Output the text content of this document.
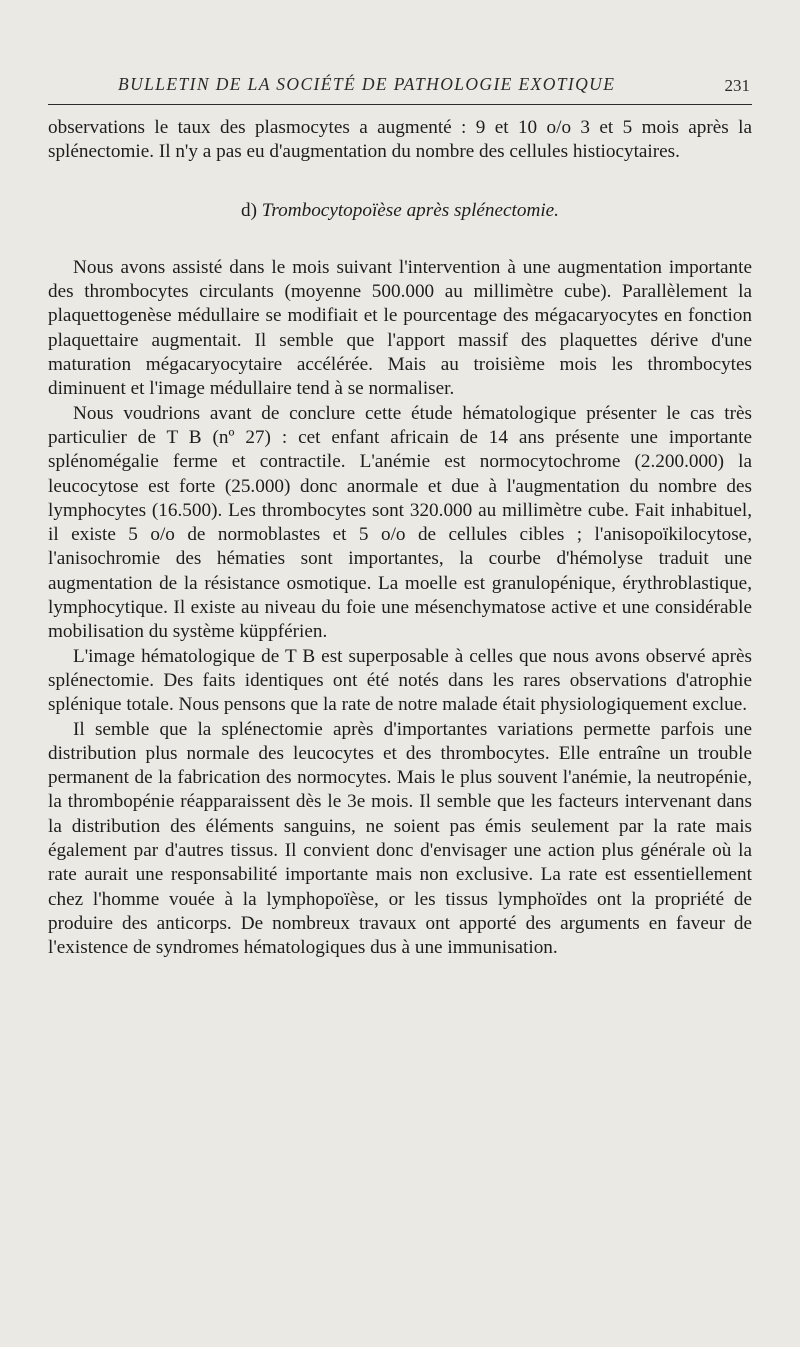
BULLETIN DE LA SOCIÉTÉ DE PATHOLOGIE EXOTIQUE	231

observations le taux des plasmocytes a augmenté : 9 et 10 o/o 3 et 5 mois après la splénectomie. Il n'y a pas eu d'augmentation du nombre des cellules histiocytaires.

d) Trombocytopoïèse après splénectomie.

Nous avons assisté dans le mois suivant l'intervention à une augmentation importante des thrombocytes circulants (moyenne 500.000 au millimètre cube). Parallèlement la plaquettogenèse médullaire se modifiait et le pourcentage des mégacaryocytes en fonction plaquettaire augmentait. Il semble que l'apport massif des plaquettes dérive d'une maturation mégacaryocytaire accélérée. Mais au troisième mois les thrombocytes diminuent et l'image médullaire tend à se normaliser.

Nous voudrions avant de conclure cette étude hématologique présenter le cas très particulier de T B (nº 27) : cet enfant africain de 14 ans présente une importante splénomégalie ferme et contractile. L'anémie est normocytochrome (2.200.000) la leucocytose est forte (25.000) donc anormale et due à l'augmentation du nombre des lymphocytes (16.500). Les thrombocytes sont 320.000 au millimètre cube. Fait inhabituel, il existe 5 o/o de normoblastes et 5 o/o de cellules cibles ; l'anisopoïkilocytose, l'anisochromie des hématies sont importantes, la courbe d'hémolyse traduit une augmentation de la résistance osmotique. La moelle est granulopénique, érythroblastique, lymphocytique. Il existe au niveau du foie une mésenchymatose active et une considérable mobilisation du système küppférien.

L'image hématologique de T B est superposable à celles que nous avons observé après splénectomie. Des faits identiques ont été notés dans les rares observations d'atrophie splénique totale. Nous pensons que la rate de notre malade était physiologiquement exclue.

Il semble que la splénectomie après d'importantes variations permette parfois une distribution plus normale des leucocytes et des thrombocytes. Elle entraîne un trouble permanent de la fabrication des normocytes. Mais le plus souvent l'anémie, la neutropénie, la thrombopénie réapparaissent dès le 3e mois. Il semble que les facteurs intervenant dans la distribution des éléments sanguins, ne soient pas émis seulement par la rate mais également par d'autres tissus. Il convient donc d'envisager une action plus générale où la rate aurait une responsabilité importante mais non exclusive. La rate est essentiellement chez l'homme vouée à la lymphopoïèse, or les tissus lymphoïdes ont la propriété de produire des anticorps. De nombreux travaux ont apporté des arguments en faveur de l'existence de syndromes hématologiques dus à une immunisation.
